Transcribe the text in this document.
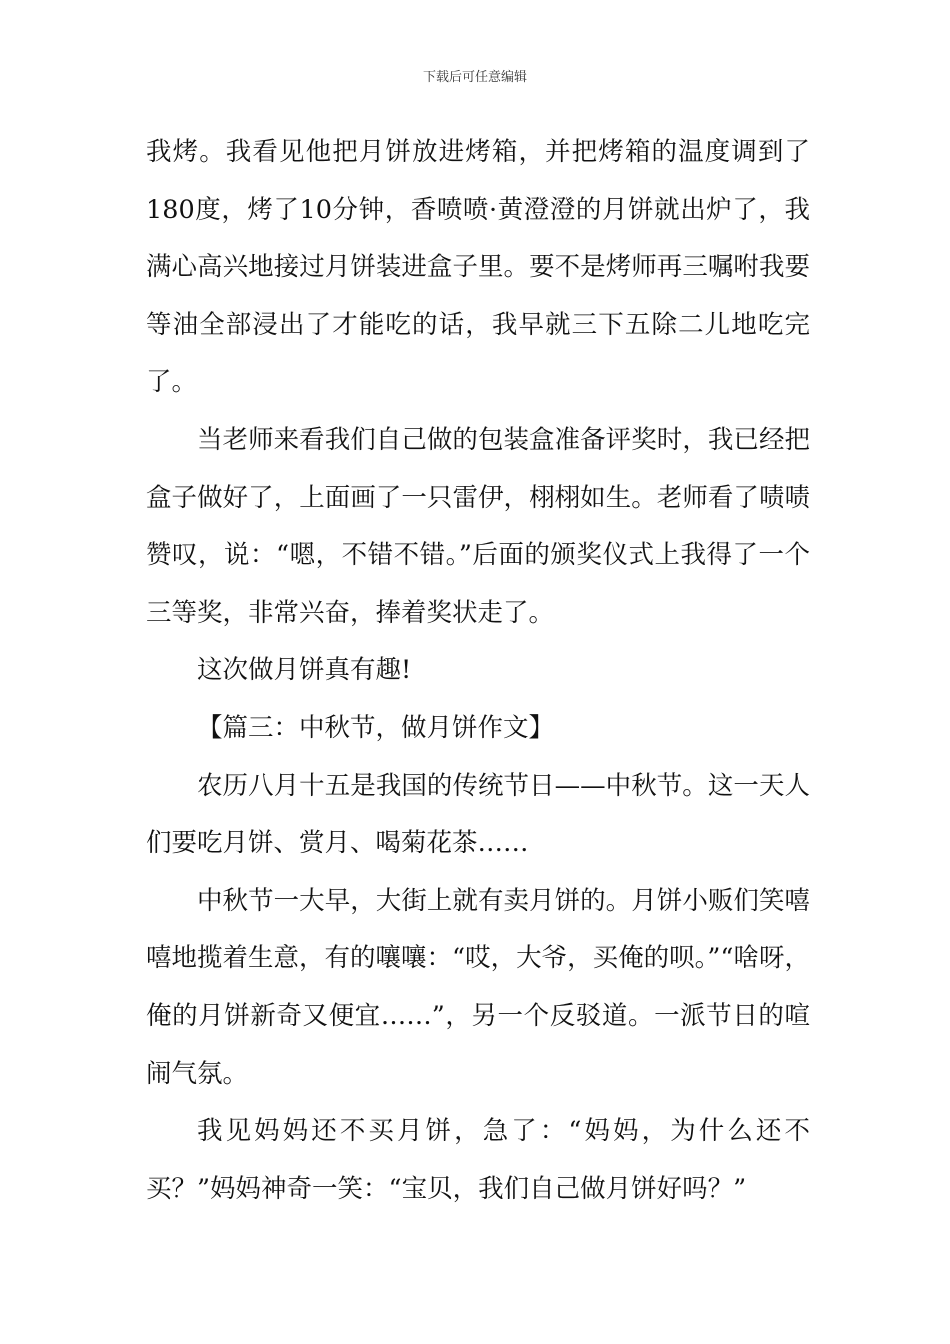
下载后可任意编辑

我烤。我看见他把月饼放进烤箱，并把烤箱的温度调到了180度，烤了10分钟，香喷喷·黄澄澄的月饼就出炉了，我满心高兴地接过月饼装进盒子里。要不是烤师再三嘱咐我要等油全部浸出了才能吃的话，我早就三下五除二儿地吃完了。

当老师来看我们自己做的包装盒准备评奖时，我已经把盒子做好了，上面画了一只雷伊，栩栩如生。老师看了啧啧赞叹，说：“嗯，不错不错。”后面的颁奖仪式上我得了一个三等奖，非常兴奋，捧着奖状走了。

这次做月饼真有趣!

【篇三：中秋节，做月饼作文】

农历八月十五是我国的传统节日——中秋节。这一天人们要吃月饼、赏月、喝菊花茶……

中秋节一大早，大街上就有卖月饼的。月饼小贩们笑嘻嘻地揽着生意，有的嚷嚷：“哎，大爷，买俺的呗。”“啥呀，俺的月饼新奇又便宜……”，另一个反驳道。一派节日的喧闹气氛。

我见妈妈还不买月饼，急了：“妈妈，为什么还不买？”妈妈神奇一笑：“宝贝，我们自己做月饼好吗？”
